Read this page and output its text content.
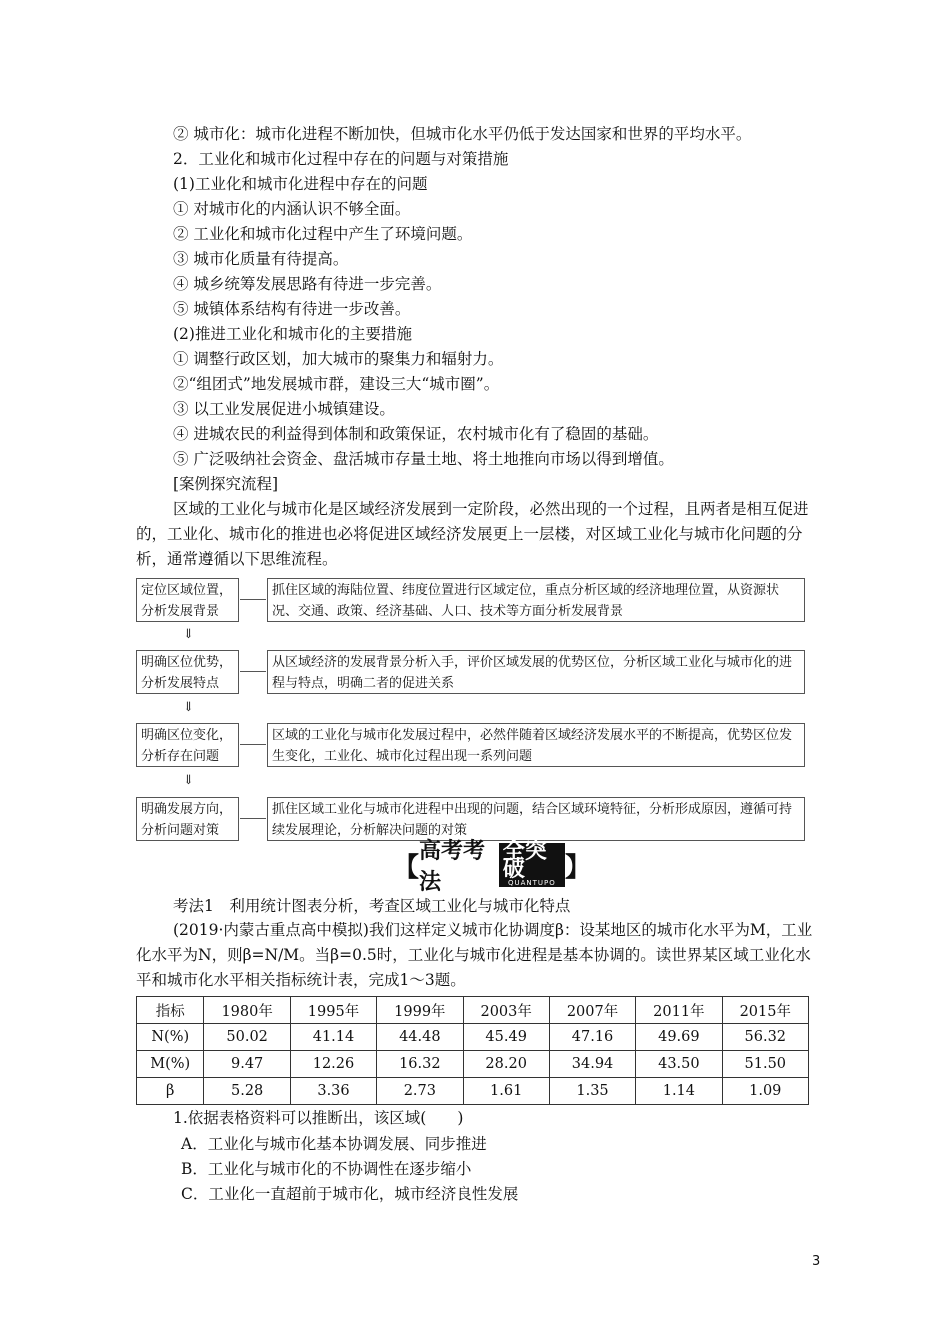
② 城市化：城市化进程不断加快，但城市化水平仍低于发达国家和世界的平均水平。
2．工业化和城市化过程中存在的问题与对策措施
(1)工业化和城市化进程中存在的问题
① 对城市化的内涵认识不够全面。
② 工业化和城市化过程中产生了环境问题。
③ 城市化质量有待提高。
④ 城乡统筹发展思路有待进一步完善。
⑤ 城镇体系结构有待进一步改善。
(2)推进工业化和城市化的主要措施
① 调整行政区划，加大城市的聚集力和辐射力。
②“组团式”地发展城市群，建设三大“城市圈”。
③ 以工业发展促进小城镇建设。
④ 进城农民的利益得到体制和政策保证，农村城市化有了稳固的基础。
⑤ 广泛吸纳社会资金、盘活城市存量土地、将土地推向市场以得到增值。
[案例探究流程]
区域的工业化与城市化是区域经济发展到一定阶段，必然出现的一个过程，且两者是相互促进的，工业化、城市化的推进也必将促进区域经济发展更上一层楼，对区域工业化与城市化问题的分析，通常遵循以下思维流程。
定位区域位置，分析发展背景
抓住区域的海陆位置、纬度位置进行区域定位，重点分析区域的经济地理位置，从资源状况、交通、政策、经济基础、人口、技术等方面分析发展背景
⇓
明确区位优势，分析发展特点
从区域经济的发展背景分析入手，评价区域发展的优势区位，分析区域工业化与城市化的进程与特点，明确二者的促进关系
⇓
明确区位变化，分析存在问题
区域的工业化与城市化发展过程中，必然伴随着区域经济发展水平的不断提高，优势区位发生变化，工业化、城市化过程出现一系列问题
⇓
明确发展方向，分析问题对策
抓住区域工业化与城市化进程中出现的问题，结合区域环境特征，分析形成原因，遵循可持续发展理论，分析解决问题的对策
【
高考考法
全突破
QUANTUPO
】
考法1　利用统计图表分析，考查区域工业化与城市化特点
(2019·内蒙古重点高中模拟)我们这样定义城市化协调度β：设某地区的城市化水平为M，工业化水平为N，则β=N/M。当β=0.5时，工业化与城市化进程是基本协调的。读世界某区域工业化水平和城市化水平相关指标统计表，完成1～3题。
指标	1980年	1995年	1999年	2003年	2007年	2011年	2015年
N(%)	50.02	41.14	44.48	45.49	47.16	49.69	56.32
M(%)	9.47	12.26	16.32	28.20	34.94	43.50	51.50
β	5.28	3.36	2.73	1.61	1.35	1.14	1.09
1.依据表格资料可以推断出，该区域(　　)
A．工业化与城市化基本协调发展、同步推进
B．工业化与城市化的不协调性在逐步缩小
C．工业化一直超前于城市化，城市经济良性发展
3
